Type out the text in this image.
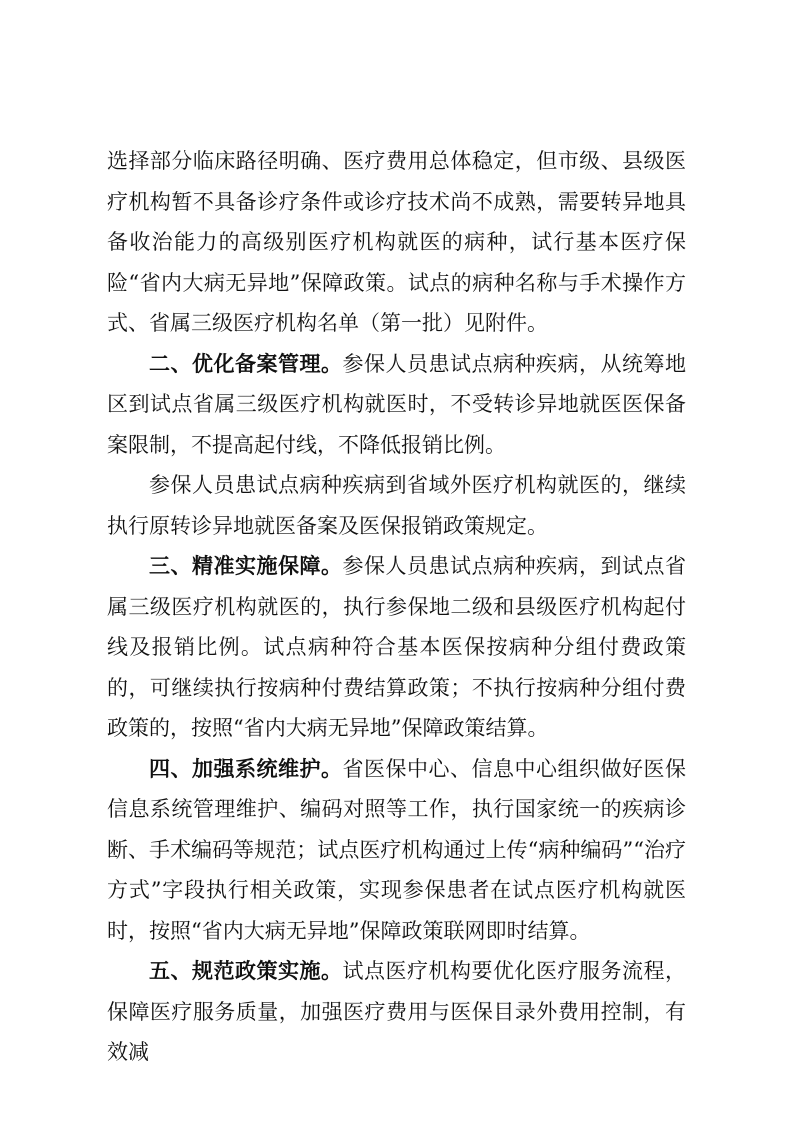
选择部分临床路径明确、医疗费用总体稳定，但市级、县级医疗机构暂不具备诊疗条件或诊疗技术尚不成熟，需要转异地具备收治能力的高级别医疗机构就医的病种，试行基本医疗保险“省内大病无异地”保障政策。试点的病种名称与手术操作方式、省属三级医疗机构名单（第一批）见附件。

二、优化备案管理。参保人员患试点病种疾病，从统筹地区到试点省属三级医疗机构就医时，不受转诊异地就医医保备案限制，不提高起付线，不降低报销比例。

参保人员患试点病种疾病到省域外医疗机构就医的，继续执行原转诊异地就医备案及医保报销政策规定。

三、精准实施保障。参保人员患试点病种疾病，到试点省属三级医疗机构就医的，执行参保地二级和县级医疗机构起付线及报销比例。试点病种符合基本医保按病种分组付费政策的，可继续执行按病种付费结算政策；不执行按病种分组付费政策的，按照“省内大病无异地”保障政策结算。

四、加强系统维护。省医保中心、信息中心组织做好医保信息系统管理维护、编码对照等工作，执行国家统一的疾病诊断、手术编码等规范；试点医疗机构通过上传“病种编码”“治疗方式”字段执行相关政策，实现参保患者在试点医疗机构就医时，按照“省内大病无异地”保障政策联网即时结算。

五、规范政策实施。试点医疗机构要优化医疗服务流程，保障医疗服务质量，加强医疗费用与医保目录外费用控制，有效减
